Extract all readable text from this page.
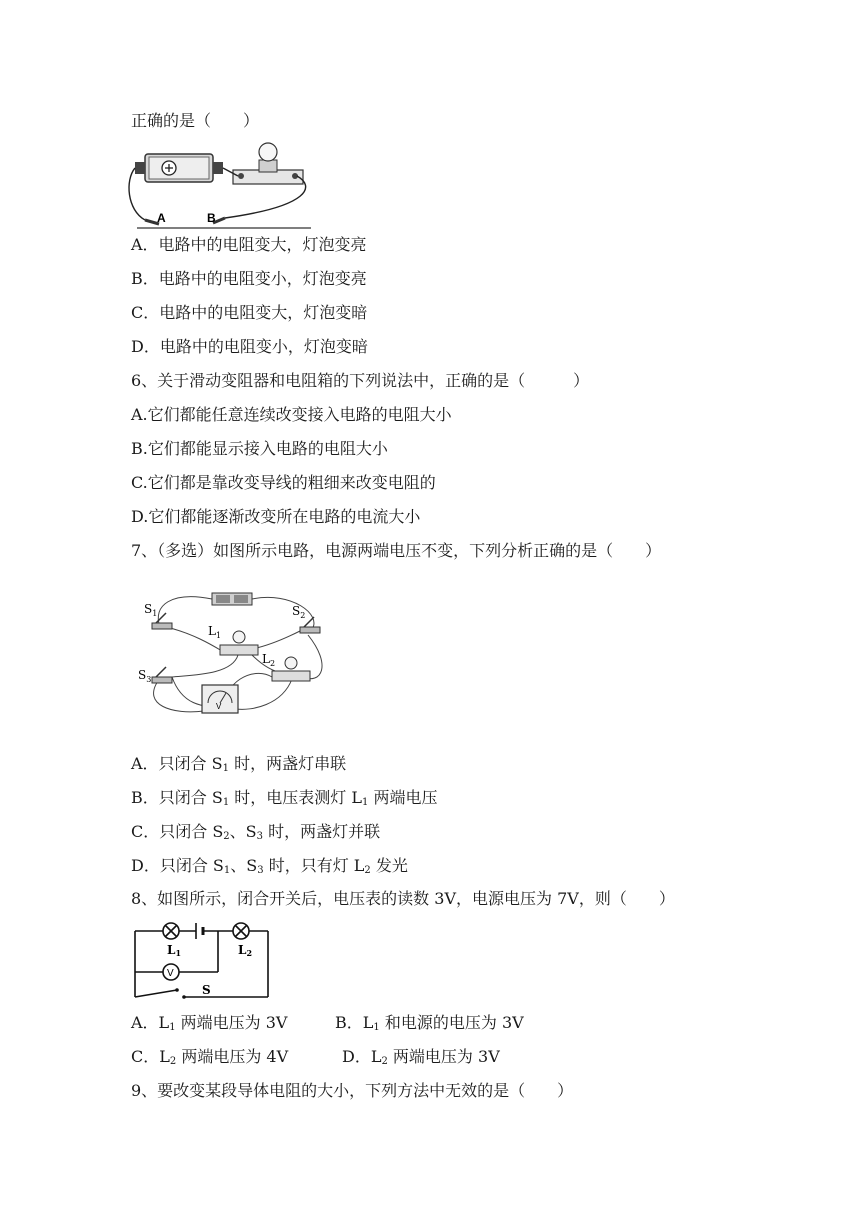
正确的是（　　）
A	B
A．电路中的电阻变大，灯泡变亮
B．电路中的电阻变小，灯泡变亮
C．电路中的电阻变大，灯泡变暗
D．电路中的电阻变小，灯泡变暗
6、关于滑动变阻器和电阻箱的下列说法中，正确的是（　　　）
A.它们都能任意连续改变接入电路的电阻大小
B.它们都能显示接入电路的电阻大小
C.它们都是靠改变导线的粗细来改变电阻的
D.它们都能逐渐改变所在电路的电流大小
7、（多选）如图所示电路，电源两端电压不变，下列分析正确的是（　　）
V
$S_1$	$S_2$
$S_3$
$L_1$
$L_2$
A．只闭合 $S_1$ 时，两盏灯串联
B．只闭合 $S_1$ 时，电压表测灯 $L_1$ 两端电压
C．只闭合 $S_2$、$S_3$ 时，两盏灯并联
D．只闭合 $S_1$、$S_3$ 时，只有灯 $L_2$ 发光
8、如图所示，闭合开关后，电压表的读数 3V，电源电压为 7V，则（　　）
V
L1	L2
S
A．$L_1$ 两端电压为 3V	B．$L_1$ 和电源的电压为 3V
C．$L_2$ 两端电压为 4V	D．$L_2$ 两端电压为 3V
9、要改变某段导体电阻的大小，下列方法中无效的是（　　）
